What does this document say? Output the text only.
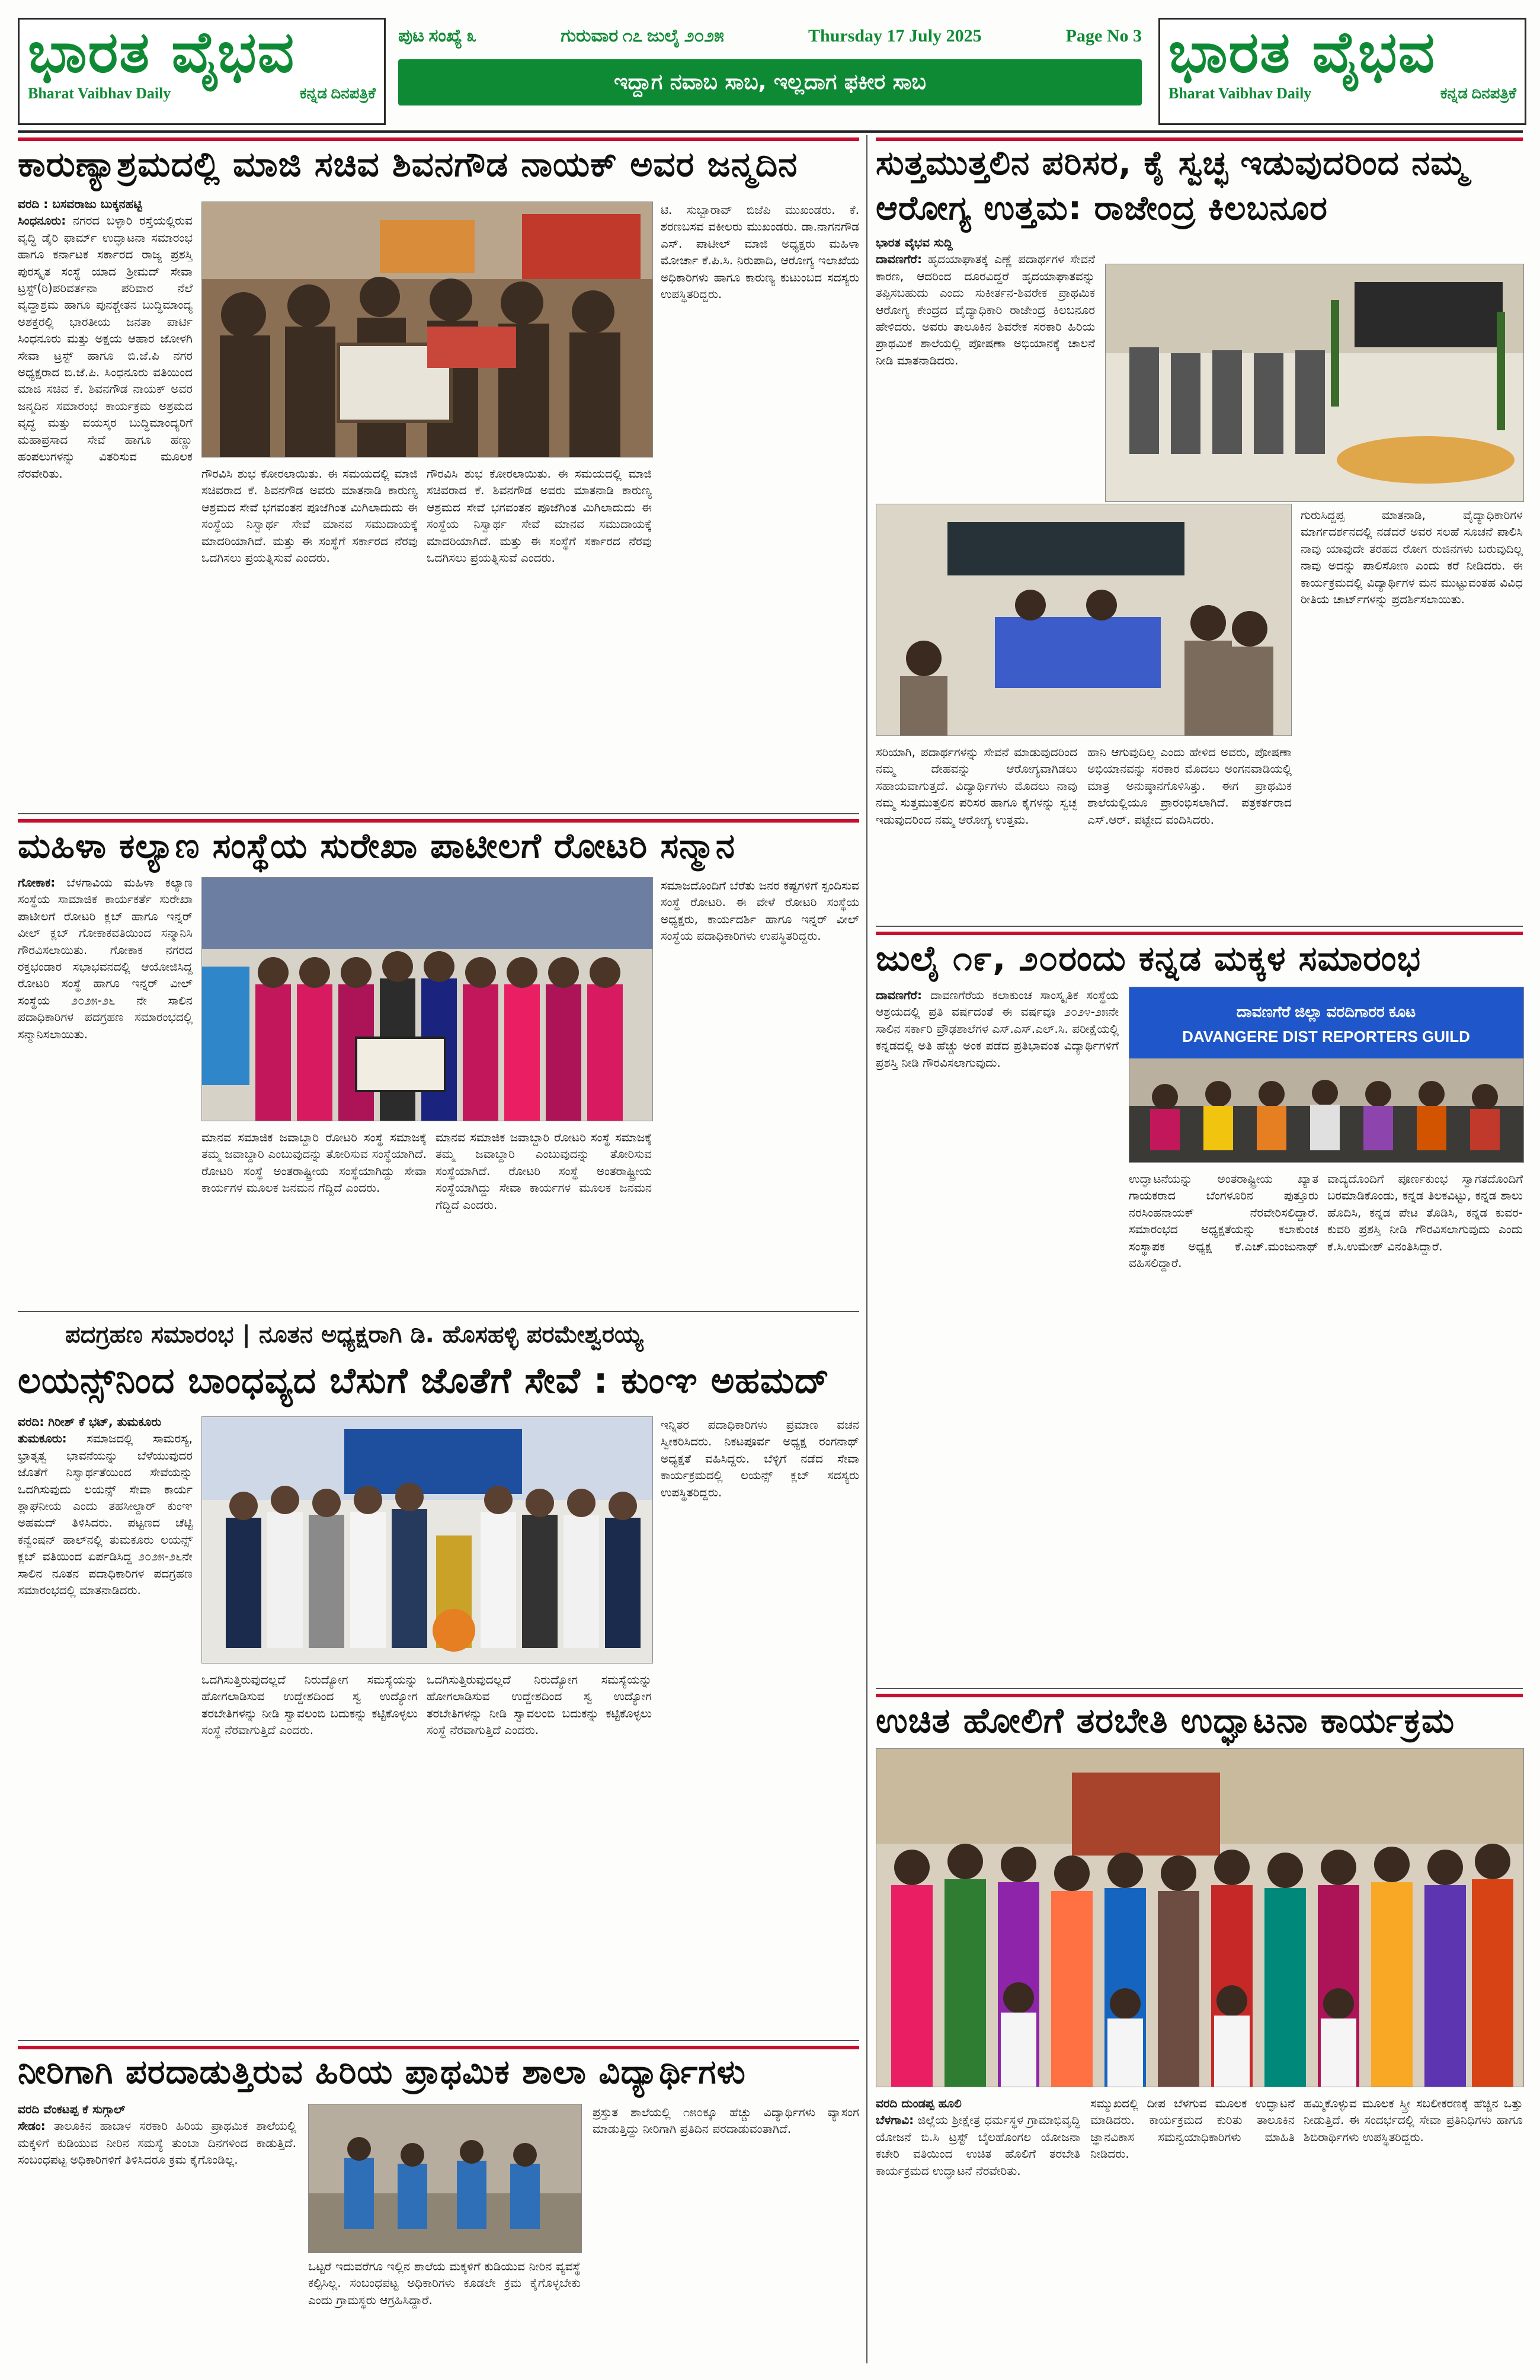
ಭಾರತ ವೈಭವ
Bharat Vaibhav Daily	ಕನ್ನಡ ದಿನಪತ್ರಿಕೆ
ಪುಟ ಸಂಖ್ಯೆ ೩	ಗುರುವಾರ ೧೭ ಜುಲೈ ೨೦೨೫	Thursday 17 July 2025	Page No 3
ಇದ್ದಾಗ ನವಾಬ ಸಾಬ, ಇಲ್ಲದಾಗ ಫಕೀರ ಸಾಬ	ಭಾರತ ವೈಭವ
Bharat Vaibhav Daily	ಕನ್ನಡ ದಿನಪತ್ರಿಕೆ
ಕಾರುಣ್ಯಾಶ್ರಮದಲ್ಲಿ ಮಾಜಿ ಸಚಿವ ಶಿವನಗೌಡ ನಾಯಕ್ ಅವರ ಜನ್ಮದಿನ

ವರದಿ : ಬಸವರಾಜು ಬುಕ್ಕನಹಟ್ಟಿ

ಸಿಂಧನೂರು: ನಗರದ ಬಳ್ಳಾರಿ ರಸ್ತೆಯಲ್ಲಿರುವ ವೃದ್ಧಿ ಡೈರಿ ಫಾರ್ಮ್ ಉದ್ಘಾಟನಾ ಸಮಾರಂಭ ಹಾಗೂ ಕರ್ನಾಟಕ ಸರ್ಕಾರದ ರಾಜ್ಯ ಪ್ರಶಸ್ತಿ ಪುರಸ್ಕೃತ ಸಂಸ್ಥೆ ಯಾದ ಶ್ರೀಮದ್ ಸೇವಾ ಟ್ರಸ್ಟ್(ರಿ)ಪರಿವರ್ತನಾ ಪರಿವಾರ ನೆಲೆ ವೃದ್ಧಾಶ್ರಮ ಹಾಗೂ ಪುನಶ್ಚೇತನ ಬುದ್ಧಿಮಾಂದ್ಯ ಅಶಕ್ತರಲ್ಲಿ ಭಾರತೀಯ ಜನತಾ ಪಾರ್ಟಿ ಸಿಂಧನೂರು ಮತ್ತು ಅಕ್ಷಯ ಆಹಾರ ಜೋಳಗಿ ಸೇವಾ ಟ್ರಸ್ಟ್ ಹಾಗೂ ಬಿ.ಜೆ.ಪಿ ನಗರ ಅಧ್ಯಕ್ಷರಾದ ಬಿ.ಜೆ.ಪಿ. ಸಿಂಧನೂರು ವತಿಯಿಂದ ಮಾಜಿ ಸಚಿವ ಕೆ. ಶಿವನಗೌಡ ನಾಯಕ್ ಅವರ ಜನ್ಮದಿನ ಸಮಾರಂಭ ಕಾರ್ಯಕ್ರಮ ಅಶ್ರಮದ ವೃದ್ಧ ಮತ್ತು ವಯಸ್ಕರ ಬುದ್ಧಿಮಾಂದ್ಯರಿಗೆ ಮಹಾಪ್ರಸಾದ ಸೇವೆ ಹಾಗೂ ಹಣ್ಣು ಹಂಪಲುಗಳನ್ನು ವಿತರಿಸುವ ಮೂಲಕ ನೆರವೇರಿತು.	ಗೌರವಿಸಿ ಶುಭ ಕೋರಲಾಯಿತು. ಈ ಸಮಯದಲ್ಲಿ ಮಾಜಿ ಸಚಿವರಾದ ಕೆ. ಶಿವನಗೌಡ ಅವರು ಮಾತನಾಡಿ ಕಾರುಣ್ಯ ಆಶ್ರಮದ ಸೇವೆ ಭಗವಂತನ ಪೂಜೆಗಿಂತ ಮಿಗಿಲಾದುದು ಈ ಸಂಸ್ಥೆಯ ನಿಸ್ವಾರ್ಥ ಸೇವೆ ಮಾನವ ಸಮುದಾಯಕ್ಕೆ ಮಾದರಿಯಾಗಿದೆ. ಮತ್ತು ಈ ಸಂಸ್ಥೆಗೆ ಸರ್ಕಾರದ ನೆರವು ಒದಗಿಸಲು ಪ್ರಯತ್ನಿಸುವೆ ಎಂದರು.

ಗೌರವಿಸಿ ಶುಭ ಕೋರಲಾಯಿತು. ಈ ಸಮಯದಲ್ಲಿ ಮಾಜಿ ಸಚಿವರಾದ ಕೆ. ಶಿವನಗೌಡ ಅವರು ಮಾತನಾಡಿ ಕಾರುಣ್ಯ ಆಶ್ರಮದ ಸೇವೆ ಭಗವಂತನ ಪೂಜೆಗಿಂತ ಮಿಗಿಲಾದುದು ಈ ಸಂಸ್ಥೆಯ ನಿಸ್ವಾರ್ಥ ಸೇವೆ ಮಾನವ ಸಮುದಾಯಕ್ಕೆ ಮಾದರಿಯಾಗಿದೆ. ಮತ್ತು ಈ ಸಂಸ್ಥೆಗೆ ಸರ್ಕಾರದ ನೆರವು ಒದಗಿಸಲು ಪ್ರಯತ್ನಿಸುವೆ ಎಂದರು.

ಟಿ. ಸುಬ್ಬಾರಾವ್ ಬಿಜೆಪಿ ಮುಖಂಡರು. ಕೆ. ಶರಣಬಸವ ವಕೀಲರು ಮುಖಂಡರು. ಡಾ.ನಾಗನಗೌಡ ಎಸ್. ಪಾಟೀಲ್ ಮಾಜಿ ಅಧ್ಯಕ್ಷರು ಮಹಿಳಾ ಮೋರ್ಚಾ ಕೆ.ಪಿ.ಸಿ. ನಿರುಪಾದಿ, ಆರೋಗ್ಯ ಇಲಾಖೆಯ ಅಧಿಕಾರಿಗಳು ಹಾಗೂ ಕಾರುಣ್ಯ ಕುಟುಂಬದ ಸದಸ್ಯರು ಉಪಸ್ಥಿತರಿದ್ದರು.

ಮಹಿಳಾ ಕಲ್ಯಾಣ ಸಂಸ್ಥೆಯ ಸುರೇಖಾ ಪಾಟೀಲಗೆ ರೋಟರಿ ಸನ್ಮಾನ

ಗೋಕಾಕ: ಬೆಳಗಾವಿಯ ಮಹಿಳಾ ಕಲ್ಯಾಣ ಸಂಸ್ಥೆಯ ಸಾಮಾಜಿಕ ಕಾರ್ಯಕರ್ತೆ ಸುರೇಖಾ ಪಾಟೀಲಗೆ ರೋಟರಿ ಕ್ಲಬ್ ಹಾಗೂ ಇನ್ನರ್ ವೀಲ್ ಕ್ಲಬ್ ಗೋಕಾಕವತಿಯಿಂದ ಸನ್ಮಾನಿಸಿ ಗೌರವಿಸಲಾಯಿತು. ಗೋಕಾಕ ನಗರದ ರಕ್ತಭಂಡಾರ ಸಭಾಭವನದಲ್ಲಿ ಆಯೋಜಿಸಿದ್ದ ರೋಟರಿ ಸಂಸ್ಥೆ ಹಾಗೂ ಇನ್ನರ್ ವೀಲ್ ಸಂಸ್ಥೆಯ ೨೦೨೫-೨೬ ನೇ ಸಾಲಿನ ಪದಾಧಿಕಾರಿಗಳ ಪದಗ್ರಹಣ ಸಮಾರಂಭದಲ್ಲಿ ಸನ್ಮಾನಿಸಲಾಯಿತು.

ಮಾನವ ಸಮಾಜಿಕ ಜವಾಬ್ದಾರಿ ರೋಟರಿ ಸಂಸ್ಥೆ ಸಮಾಜಕ್ಕೆ ತಮ್ಮ ಜವಾಬ್ದಾರಿ ಎಂಬುವುದನ್ನು ತೋರಿಸುವ ಸಂಸ್ಥೆಯಾಗಿದೆ. ರೋಟರಿ ಸಂಸ್ಥೆ ಅಂತರಾಷ್ಟ್ರೀಯ ಸಂಸ್ಥೆಯಾಗಿದ್ದು ಸೇವಾ ಕಾರ್ಯಗಳ ಮೂಲಕ ಜನಮನ ಗೆದ್ದಿದೆ ಎಂದರು.

ಮಾನವ ಸಮಾಜಿಕ ಜವಾಬ್ದಾರಿ ರೋಟರಿ ಸಂಸ್ಥೆ ಸಮಾಜಕ್ಕೆ ತಮ್ಮ ಜವಾಬ್ದಾರಿ ಎಂಬುವುದನ್ನು ತೋರಿಸುವ ಸಂಸ್ಥೆಯಾಗಿದೆ. ರೋಟರಿ ಸಂಸ್ಥೆ ಅಂತರಾಷ್ಟ್ರೀಯ ಸಂಸ್ಥೆಯಾಗಿದ್ದು ಸೇವಾ ಕಾರ್ಯಗಳ ಮೂಲಕ ಜನಮನ ಗೆದ್ದಿದೆ ಎಂದರು.

ಸಮಾಜದೊಂದಿಗೆ ಬೆರೆತು ಜನರ ಕಷ್ಟಗಳಿಗೆ ಸ್ಪಂದಿಸುವ ಸಂಸ್ಥೆ ರೋಟರಿ. ಈ ವೇಳೆ ರೋಟರಿ ಸಂಸ್ಥೆಯ ಅಧ್ಯಕ್ಷರು, ಕಾರ್ಯದರ್ಶಿ ಹಾಗೂ ಇನ್ನರ್ ವೀಲ್ ಸಂಸ್ಥೆಯ ಪದಾಧಿಕಾರಿಗಳು ಉಪಸ್ಥಿತರಿದ್ದರು.

ಪದಗ್ರಹಣ ಸಮಾರಂಭ | ನೂತನ ಅಧ್ಯಕ್ಷರಾಗಿ ಡಿ. ಹೊಸಹಳ್ಳಿ ಪರಮೇಶ್ವರಯ್ಯ
ಲಯನ್ಸ್‌ನಿಂದ ಬಾಂಧವ್ಯದ ಬೆಸುಗೆ ಜೊತೆಗೆ ಸೇವೆ : ಕುಂಞ ಅಹಮದ್

ವರದಿ: ಗಿರೀಶ್ ಕೆ ಭಟ್, ತುಮಕೂರು

ತುಮಕೂರು: ಸಮಾಜದಲ್ಲಿ ಸಾಮರಸ್ಯ, ಭ್ರಾತೃತ್ವ ಭಾವನೆಯನ್ನು ಬೆಳೆಯುವುದರ ಜೊತೆಗೆ ನಿಸ್ವಾರ್ಥತೆಯಿಂದ ಸೇವೆಯನ್ನು ಒದಗಿಸುವುದು ಲಯನ್ಸ್ ಸೇವಾ ಕಾರ್ಯ ಶ್ಲಾಘನೀಯ ಎಂದು ತಹಸೀಲ್ದಾರ್ ಕುಂಞ ಅಹಮದ್ ತಿಳಿಸಿದರು. ಪಟ್ಟಣದ ಚೆಟ್ಟಿ ಕನ್ವೆಂಷನ್ ಹಾಲ್‌ನಲ್ಲಿ ತುಮಕೂರು ಲಯನ್ಸ್ ಕ್ಲಬ್ ವತಿಯಿಂದ ಏರ್ಪಡಿಸಿದ್ದ ೨೦೨೫-೨೬ನೇ ಸಾಲಿನ ನೂತನ ಪದಾಧಿಕಾರಿಗಳ ಪದಗ್ರಹಣ ಸಮಾರಂಭದಲ್ಲಿ ಮಾತನಾಡಿದರು.

ಒದಗಿಸುತ್ತಿರುವುದಲ್ಲದೆ ನಿರುದ್ಯೋಗ ಸಮಸ್ಯೆಯನ್ನು ಹೋಗಲಾಡಿಸುವ ಉದ್ದೇಶದಿಂದ ಸ್ವ ಉದ್ಯೋಗ ತರಬೇತಿಗಳನ್ನು ನೀಡಿ ಸ್ವಾವಲಂಬಿ ಬದುಕನ್ನು ಕಟ್ಟಿಕೊಳ್ಳಲು ಸಂಸ್ಥೆ ನೆರವಾಗುತ್ತಿದೆ ಎಂದರು.

ಒದಗಿಸುತ್ತಿರುವುದಲ್ಲದೆ ನಿರುದ್ಯೋಗ ಸಮಸ್ಯೆಯನ್ನು ಹೋಗಲಾಡಿಸುವ ಉದ್ದೇಶದಿಂದ ಸ್ವ ಉದ್ಯೋಗ ತರಬೇತಿಗಳನ್ನು ನೀಡಿ ಸ್ವಾವಲಂಬಿ ಬದುಕನ್ನು ಕಟ್ಟಿಕೊಳ್ಳಲು ಸಂಸ್ಥೆ ನೆರವಾಗುತ್ತಿದೆ ಎಂದರು.

ಇನ್ನಿತರ ಪದಾಧಿಕಾರಿಗಳು ಪ್ರಮಾಣ ವಚನ ಸ್ವೀಕರಿಸಿದರು. ನಿಕಟಪೂರ್ವ ಅಧ್ಯಕ್ಷ ರಂಗನಾಥ್ ಅಧ್ಯಕ್ಷತೆ ವಹಿಸಿದ್ದರು. ಬೆಳ್ಳಿಗೆ ನಡೆದ ಸೇವಾ ಕಾರ್ಯಕ್ರಮದಲ್ಲಿ ಲಯನ್ಸ್ ಕ್ಲಬ್ ಸದಸ್ಯರು ಉಪಸ್ಥಿತರಿದ್ದರು.

ನೀರಿಗಾಗಿ ಪರದಾಡುತ್ತಿರುವ ಹಿರಿಯ ಪ್ರಾಥಮಿಕ ಶಾಲಾ ವಿದ್ಯಾರ್ಥಿಗಳು

ವರದಿ ವೆಂಕಟಪ್ಪ ಕೆ ಸುಗ್ಗಾಲ್

ಸೇಡಂ: ತಾಲೂಕಿನ ಹಾಬಾಳ ಸರಕಾರಿ ಹಿರಿಯ ಪ್ರಾಥಮಿಕ ಶಾಲೆಯಲ್ಲಿ ಮಕ್ಕಳಿಗೆ ಕುಡಿಯುವ ನೀರಿನ ಸಮಸ್ಯೆ ತುಂಬಾ ದಿನಗಳಿಂದ ಕಾಡುತ್ತಿದೆ. ಸಂಬಂಧಪಟ್ಟ ಅಧಿಕಾರಿಗಳಿಗೆ ತಿಳಿಸಿದರೂ ಕ್ರಮ ಕೈಗೊಂಡಿಲ್ಲ.

ಒಟ್ಟರೆ ಇದುವರೆಗೂ ಇಲ್ಲಿನ ಶಾಲೆಯ ಮಕ್ಕಳಿಗೆ ಕುಡಿಯುವ ನೀರಿನ ವ್ಯವಸ್ಥೆ ಕಲ್ಪಿಸಿಲ್ಲ. ಸಂಬಂಧಪಟ್ಟ ಅಧಿಕಾರಿಗಳು ಕೂಡಲೇ ಕ್ರಮ ಕೈಗೊಳ್ಳಬೇಕು ಎಂದು ಗ್ರಾಮಸ್ಥರು ಆಗ್ರಹಿಸಿದ್ದಾರೆ.

ಪ್ರಸ್ತುತ ಶಾಲೆಯಲ್ಲಿ ೧೫೦ಕ್ಕೂ ಹೆಚ್ಚು ವಿದ್ಯಾರ್ಥಿಗಳು ವ್ಯಾಸಂಗ ಮಾಡುತ್ತಿದ್ದು ನೀರಿಗಾಗಿ ಪ್ರತಿದಿನ ಪರದಾಡುವಂತಾಗಿದೆ.

ಸುತ್ತಮುತ್ತಲಿನ ಪರಿಸರ, ಕೈ ಸ್ವಚ್ಛ ಇಡುವುದರಿಂದ ನಮ್ಮ ಆರೋಗ್ಯ ಉತ್ತಮ: ರಾಜೇಂದ್ರ ಕಿಲಬನೂರ

ಭಾರತ ವೈಭವ ಸುದ್ದಿ

ದಾವಣಗೆರೆ: ಹೃದಯಾಘಾತಕ್ಕೆ ಎಣ್ಣೆ ಪದಾರ್ಥಗಳ ಸೇವನೆ ಕಾರಣ, ಆದರಿಂದ ದೂರವಿದ್ದರೆ ಹೃದಯಾಘಾತವನ್ನು ತಪ್ಪಿಸಬಹುದು ಎಂದು ಸುಕೀರ್ತನ-ಶಿವರೇಕ ಪ್ರಾಥಮಿಕ ಆರೋಗ್ಯ ಕೇಂದ್ರದ ವೈದ್ಯಾಧಿಕಾರಿ ರಾಜೇಂದ್ರ ಕಿಲಬನೂರ ಹೇಳಿದರು. ಅವರು ತಾಲೂಕಿನ ಶಿವರೇಕ ಸರಕಾರಿ ಹಿರಿಯ ಪ್ರಾಥಮಿಕ ಶಾಲೆಯಲ್ಲಿ ಪೋಷಣಾ ಅಭಿಯಾನಕ್ಕೆ ಚಾಲನೆ ನೀಡಿ ಮಾತನಾಡಿದರು.

ಗುರುಸಿದ್ದಪ್ಪ ಮಾತನಾಡಿ, ವೈದ್ಯಾಧಿಕಾರಿಗಳ ಮಾರ್ಗದರ್ಶನದಲ್ಲಿ ನಡೆದರೆ ಅವರ ಸಲಹೆ ಸೂಚನೆ ಪಾಲಿಸಿ ನಾವು ಯಾವುದೇ ತರಹದ ರೋಗ ರುಜಿನಗಳು ಬರುವುದಿಲ್ಲ ನಾವು ಅದನ್ನು ಪಾಲಿಸೋಣ ಎಂದು ಕರೆ ನೀಡಿದರು. ಈ ಕಾರ್ಯಕ್ರಮದಲ್ಲಿ ವಿದ್ಯಾರ್ಥಿಗಳ ಮನ ಮುಟ್ಟುವಂತಹ ವಿವಿಧ ರೀತಿಯ ಚಾರ್ಟ್‌ಗಳನ್ನು ಪ್ರದರ್ಶಿಸಲಾಯಿತು.

ಸರಿಯಾಗಿ, ಪದಾರ್ಥಗಳನ್ನು ಸೇವನೆ ಮಾಡುವುದರಿಂದ ನಮ್ಮ ದೇಹವನ್ನು ಆರೋಗ್ಯವಾಗಿಡಲು ಸಹಾಯವಾಗುತ್ತದೆ. ವಿದ್ಯಾರ್ಥಿಗಳು ಮೊದಲು ನಾವು ನಮ್ಮ ಸುತ್ತಮುತ್ತಲಿನ ಪರಿಸರ ಹಾಗೂ ಕೈಗಳನ್ನು ಸ್ವಚ್ಛ ಇಡುವುದರಿಂದ ನಮ್ಮ ಆರೋಗ್ಯ ಉತ್ತಮ.

ಹಾನಿ ಆಗುವುದಿಲ್ಲ ಎಂದು ಹೇಳಿದ ಅವರು, ಪೋಷಣಾ ಅಭಿಯಾನವನ್ನು ಸರಕಾರ ಮೊದಲು ಅಂಗನವಾಡಿಯಲ್ಲಿ ಮಾತ್ರ ಅನುಷ್ಠಾನಗೊಳಿಸಿತ್ತು. ಈಗ ಪ್ರಾಥಮಿಕ ಶಾಲೆಯಲ್ಲಿಯೂ ಪ್ರಾರಂಭಿಸಲಾಗಿದೆ. ಪತ್ರಕರ್ತರಾದ ಎಸ್.ಆರ್. ಪಟ್ಟೇದ ವಂದಿಸಿದರು.

ಜುಲೈ ೧೯, ೨೦ರಂದು ಕನ್ನಡ ಮಕ್ಕಳ ಸಮಾರಂಭ

ದಾವಣಗೆರೆ: ದಾವಣಗೆರೆಯ ಕಲಾಕುಂಚ ಸಾಂಸ್ಕೃತಿಕ ಸಂಸ್ಥೆಯ ಆಶ್ರಯದಲ್ಲಿ ಪ್ರತಿ ವರ್ಷದಂತೆ ಈ ವರ್ಷವೂ ೨೦೨೪-೨೫ನೇ ಸಾಲಿನ ಸರ್ಕಾರಿ ಪ್ರೌಢಶಾಲೆಗಳ ಎಸ್.ಎಸ್.ಎಲ್.ಸಿ. ಪರೀಕ್ಷೆಯಲ್ಲಿ ಕನ್ನಡದಲ್ಲಿ ಅತಿ ಹೆಚ್ಚು ಅಂಕ ಪಡೆದ ಪ್ರತಿಭಾವಂತ ವಿದ್ಯಾರ್ಥಿಗಳಿಗೆ ಪ್ರಶಸ್ತಿ ನೀಡಿ ಗೌರವಿಸಲಾಗುವುದು.

ದಾವಣಗೆರೆ ಜಿಲ್ಲಾ ವರದಿಗಾರರ ಕೂಟ
DAVANGERE DIST REPORTERS GUILD

ಉದ್ಘಾಟನೆಯನ್ನು ಅಂತರಾಷ್ಟ್ರೀಯ ಖ್ಯಾತ ಗಾಯಕರಾದ ಬೆಂಗಳೂರಿನ ಪುತ್ತೂರು ನರಸಿಂಹನಾಯಕ್ ನೆರವೇರಿಸಲಿದ್ದಾರೆ. ಸಮಾರಂಭದ ಅಧ್ಯಕ್ಷತೆಯನ್ನು ಕಲಾಕುಂಚ ಸಂಸ್ಥಾಪಕ ಅಧ್ಯಕ್ಷ ಕೆ.ಎಚ್.ಮಂಜುನಾಥ್ ವಹಿಸಲಿದ್ದಾರೆ.

ವಾದ್ಯದೊಂದಿಗೆ ಪೂರ್ಣಕುಂಭ ಸ್ವಾಗತದೊಂದಿಗೆ ಬರಮಾಡಿಕೊಂಡು, ಕನ್ನಡ ತಿಲಕವಿಟ್ಟು, ಕನ್ನಡ ಶಾಲು ಹೊದಿಸಿ, ಕನ್ನಡ ಪೇಟ ತೊಡಿಸಿ, ಕನ್ನಡ ಕುವರ-ಕುವರಿ ಪ್ರಶಸ್ತಿ ನೀಡಿ ಗೌರವಿಸಲಾಗುವುದು ಎಂದು ಕೆ.ಸಿ.ಉಮೇಶ್ ವಿನಂತಿಸಿದ್ದಾರೆ.

ಉಚಿತ ಹೋಲಿಗೆ ತರಬೇತಿ ಉದ್ಘಾಟನಾ ಕಾರ್ಯಕ್ರಮ

ವರದಿ ದುಂಡಪ್ಪ ಹೂಲಿ

ಬೆಳಗಾವಿ: ಜಿಲ್ಲೆಯ ಶ್ರೀಕ್ಷೇತ್ರ ಧರ್ಮಸ್ಥಳ ಗ್ರಾಮಾಭಿವೃದ್ಧಿ ಯೋಜನೆ ಬಿ.ಸಿ ಟ್ರಸ್ಟ್ ಬೈಲಹೊಂಗಲ ಯೋಜನಾ ಕಚೇರಿ ವತಿಯಿಂದ ಉಚಿತ ಹೊಲಿಗೆ ತರಬೇತಿ ಕಾರ್ಯಕ್ರಮದ ಉದ್ಘಾಟನೆ ನೆರವೇರಿತು.

ಸಮ್ಮುಖದಲ್ಲಿ ದೀಪ ಬೆಳಗುವ ಮೂಲಕ ಉದ್ಘಾಟನೆ ಮಾಡಿದರು. ಕಾರ್ಯಕ್ರಮದ ಕುರಿತು ತಾಲೂಕಿನ ಜ್ಞಾನವಿಕಾಸ ಸಮನ್ವಯಾಧಿಕಾರಿಗಳು ಮಾಹಿತಿ ನೀಡಿದರು.

ಹಮ್ಮಿಕೊಳ್ಳುವ ಮೂಲಕ ಸ್ತ್ರೀ ಸಬಲೀಕರಣಕ್ಕೆ ಹೆಚ್ಚಿನ ಒತ್ತು ನೀಡುತ್ತಿದೆ. ಈ ಸಂದರ್ಭದಲ್ಲಿ ಸೇವಾ ಪ್ರತಿನಿಧಿಗಳು ಹಾಗೂ ಶಿಬಿರಾರ್ಥಿಗಳು ಉಪಸ್ಥಿತರಿದ್ದರು.
